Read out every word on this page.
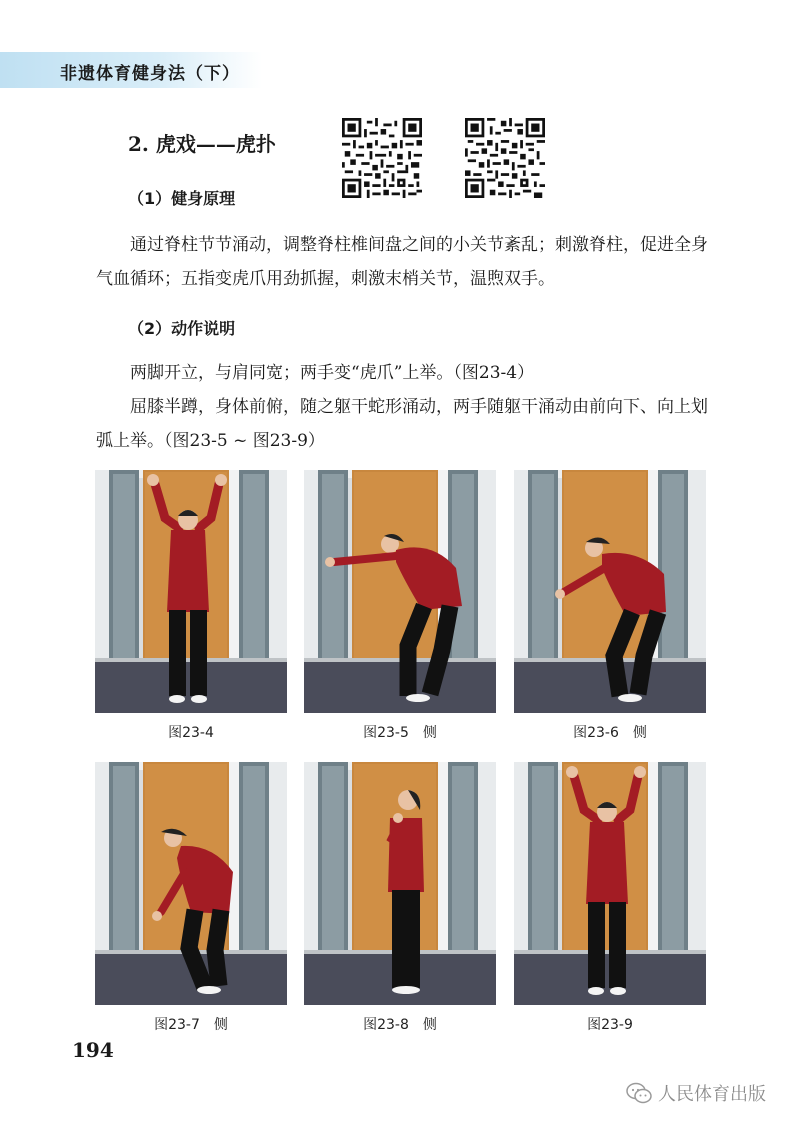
非遗体育健身法（下）
2. 虎戏——虎扑
（1）健身原理

通过脊柱节节涌动，调整脊柱椎间盘之间的小关节紊乱；刺激脊柱，促进全身气血循环；五指变虎爪用劲抓握，刺激末梢关节，温煦双手。

（2）动作说明

两脚开立，与肩同宽；两手变“虎爪”上举。（图23-4）

屈膝半蹲，身体前俯，随之躯干蛇形涌动，两手随躯干涌动由前向下、向上划弧上举。（图23-5 ~ 图23-9）

图23-4	图23-5　侧	图23-6　侧
图23-7　侧	图23-8　侧	图23-9
194
人民体育出版
